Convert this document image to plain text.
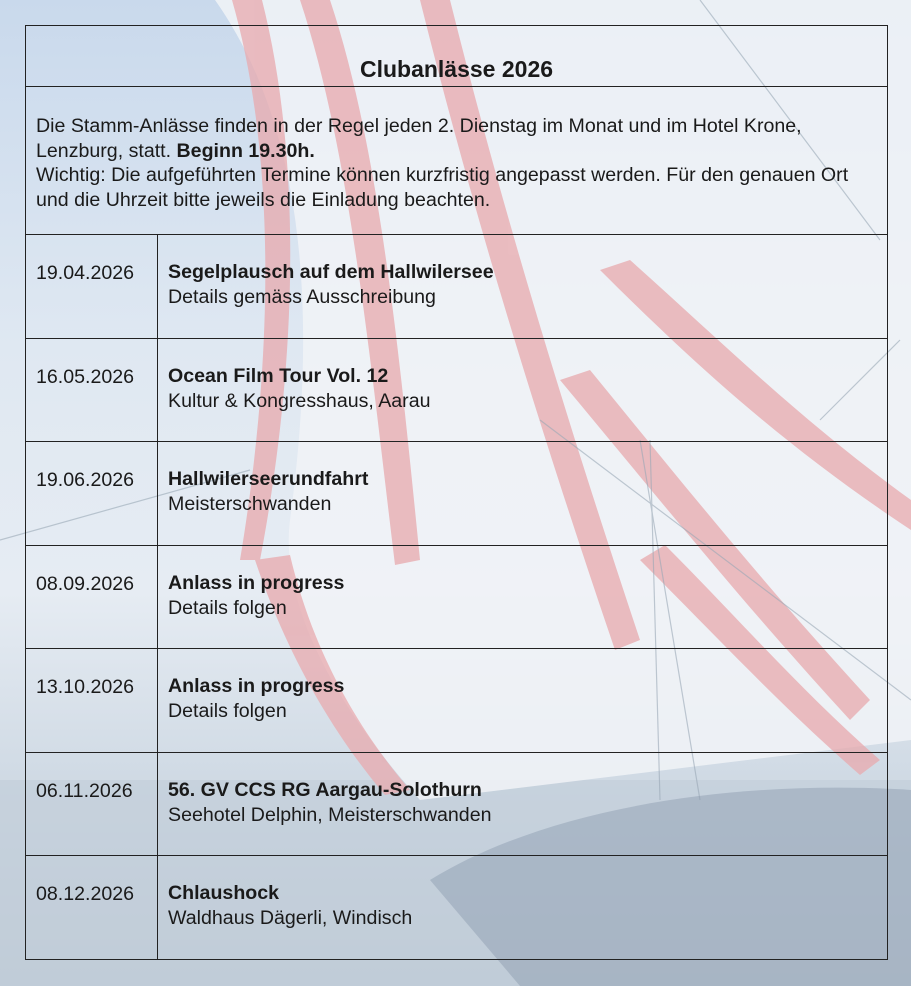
Clubanlässe 2026
Die Stamm-Anlässe finden in der Regel jeden 2. Dienstag im Monat und im Hotel Krone, Lenzburg, statt. Beginn 19.30h.
Wichtig: Die aufgeführten Termine können kurzfristig angepasst werden. Für den genauen Ort und die Uhrzeit bitte jeweils die Einladung beachten.
19.04.2026	Segelplausch auf dem Hallwilersee
Details gemäss Ausschreibung
16.05.2026	Ocean Film Tour Vol. 12
Kultur & Kongresshaus, Aarau
19.06.2026	Hallwilerseerundfahrt
Meisterschwanden
08.09.2026	Anlass in progress
Details folgen
13.10.2026	Anlass in progress
Details folgen
06.11.2026	56. GV CCS RG Aargau-Solothurn
Seehotel Delphin, Meisterschwanden
08.12.2026	Chlaushock
Waldhaus Dägerli, Windisch
